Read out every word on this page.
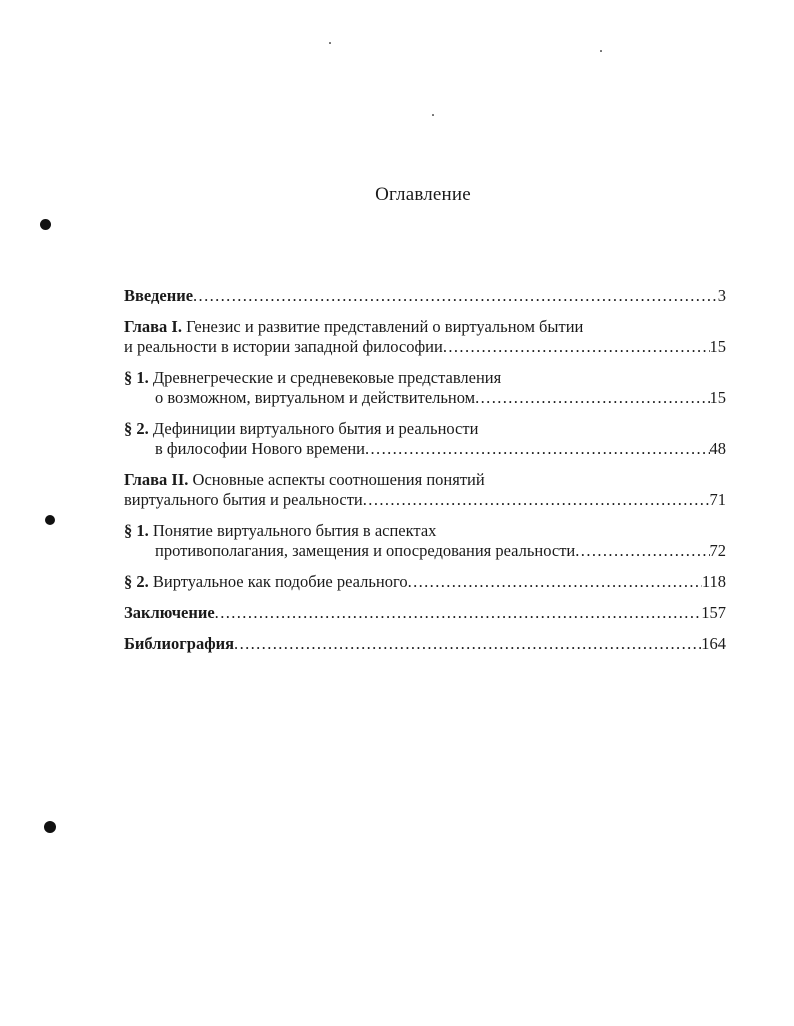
Оглавление
Введение .....	3
Глава I. Генезис и развитие представлений о виртуальном бытии
и реальности в истории западной философии .....	15
§ 1. Древнегреческие и средневековые представления
о возможном, виртуальном и действительном .....	15
§ 2. Дефиниции виртуального бытия и реальности
в философии Нового времени .....	48
Глава II. Основные аспекты соотношения понятий
виртуального бытия и реальности .....	71
§ 1. Понятие виртуального бытия в аспектах
противополагания, замещения и опосредования реальности .....	72
§ 2. Виртуальное как подобие реального .....	118
Заключение .....	157
Библиография .....	164
